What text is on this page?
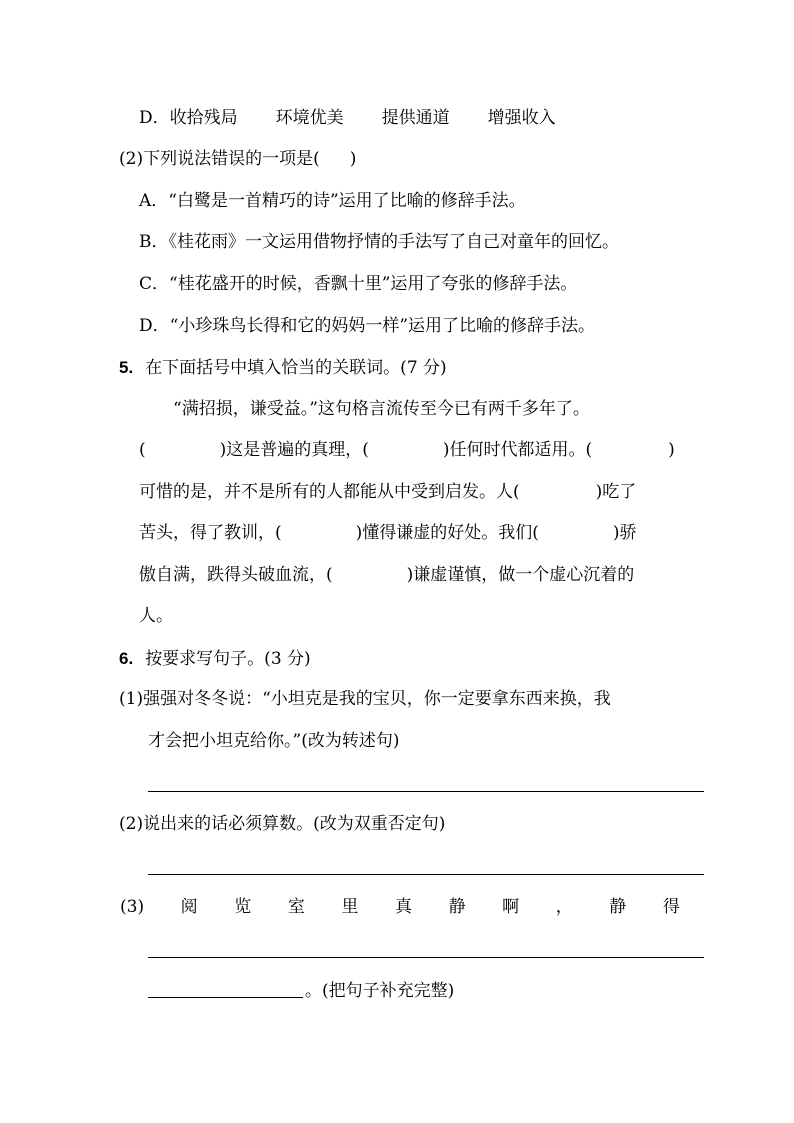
D．收拾残局 环境优美 提供通道 增强收入
(2)下列说法错误的一项是( )
A．“白鹭是一首精巧的诗”运用了比喻的修辞手法。
B．《桂花雨》一文运用借物抒情的手法写了自己对童年的回忆。
C．“桂花盛开的时候，香飘十里”运用了夸张的修辞手法。
D．“小珍珠鸟长得和它的妈妈一样”运用了比喻的修辞手法。
5. 在下面括号中填入恰当的关联词。(7 分)
“满招损，谦受益。”这句格言流传至今已有两千多年了。
(	)这是普遍的真理，(	)任何时代都适用。(	)
可惜的是，并不是所有的人都能从中受到启发。人(	)吃了
苦头，得了教训，(	)懂得谦虚的好处。我们(	)骄
傲自满，跌得头破血流，(	)谦虚谨慎，做一个虚心沉着的
人。
6. 按要求写句子。(3 分)
(1)强强对冬冬说：“小坦克是我的宝贝，你一定要拿东西来换，我
才会把小坦克给你。”(改为转述句)
(2)说出来的话必须算数。(改为双重否定句)
(3) 阅 览 室 里 真 静 啊 ， 静 得
。(把句子补充完整)
